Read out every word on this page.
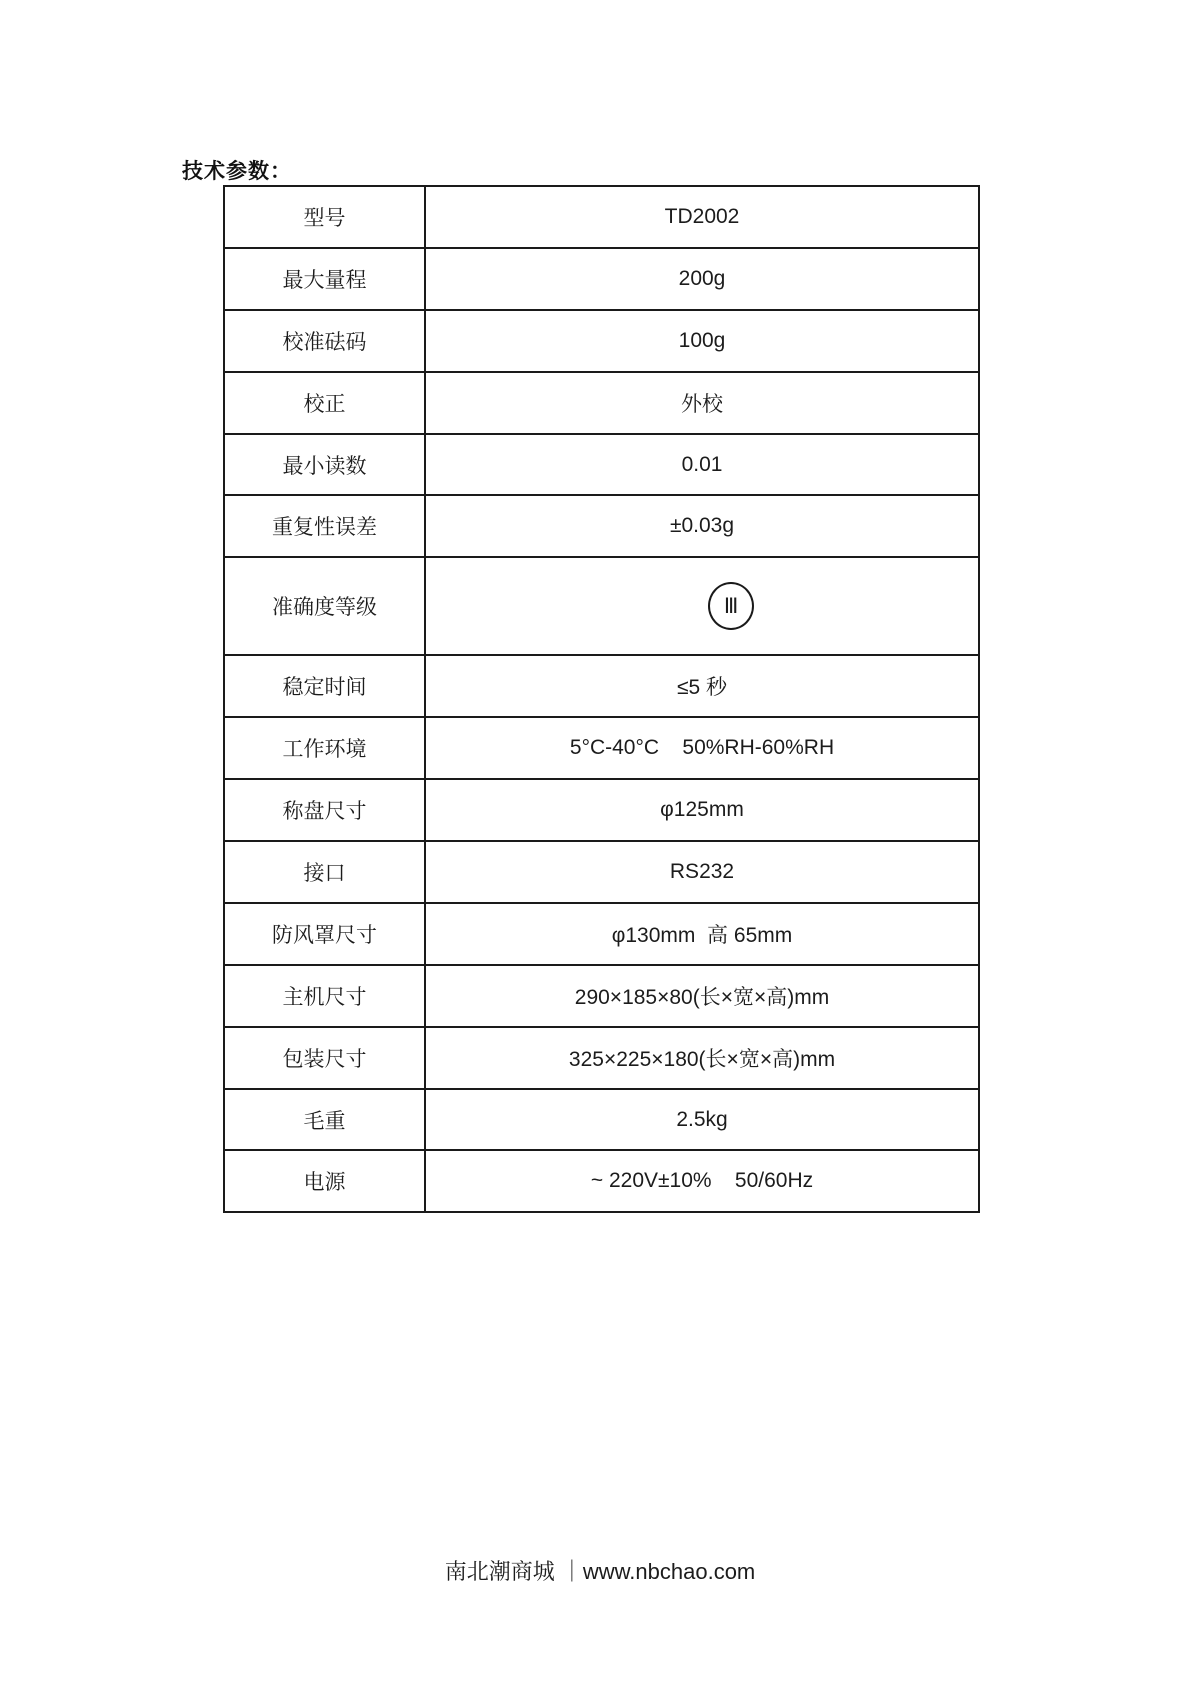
技术参数：
型号	TD2002
最大量程	200g
校准砝码	100g
校正	外校
最小读数	0.01
重复性误差	±0.03g
准确度等级	Ⅲ

稳定时间	≤5 秒
工作环境	5°C-40°C    50%RH-60%RH
称盘尺寸	φ125mm
接口	RS232
防风罩尺寸	φ130mm  高 65mm
主机尺寸	290×185×80(长×宽×高)mm
包装尺寸	325×225×180(长×宽×高)mm
毛重	2.5kg
电源	~ 220V±10%    50/60Hz
南北潮商城 ｜www.nbchao.com
